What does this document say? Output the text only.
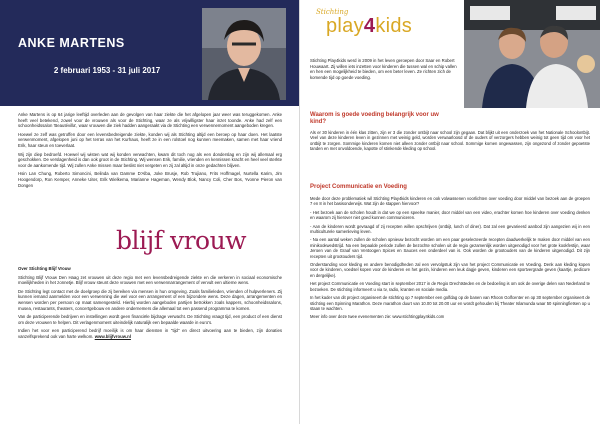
ANKE MARTENS
2 februari 1953 - 31 juli 2017

Anke Martens is op 64 jarige leeftijd overleden aan de gevolgen van haar ziekte die het afgelopen jaar weer was teruggekomen. Anke heeft veel betekend, zowel voor de vrouwen als voor de Stichting, waar ze als vrijwilligster haar inzet toonde. Anke had zelf een schoonheidssalon 'Beautévilla', waar vrouwen die ziek hadden aangeraakt via de Stichting een verwennemoment aangeboden kregen.

Hoewel ze zelf was getroffen door een levensbedreigende ziekte, konden wij als Stichting altijd een beroep op haar doen. Het laatste verwenmoment, afgelopen juni op het terras van het Kurhaus, heeft ze in een rolstoel nog kunnen meemaken, samen met haar vriend Erik, haar steun en toeverlaat.

Wij zijn diep bedroefd. Hoewel wij wisten wat wij konden verwachten, kwam dit toch nog als een donderslag en zijn wij allemaal erg geschokken. De verslagenheid is dan ook groot in de Stichting. Wij wensen Erik, familie, vrienden en kennissen kracht en heel veel sterkte voor de aankomende tijd. Wij zullen Anke missen maar beslist niet vergeten en zij zal altijd in onze gedachten blijven.

Hsin Lan Chung, Roberto Simoncini, Belinda van Damme D'Alba, Joke Brusje, Rob Trujiano, Frits Hoffmagel, Nurtella Karim, Jim Hoogendorp, Ron Kemper, Anneke Uiter, Erik Wielkema, Marianne Hageman, Wendy Blok, Nancy Coli, Cher Bos, Yvonne Pieron van Dongen

blijf vrouw

Over Stichting Blijf Vrouw

Stichting Blijf Vrouw Den Haag zet vrouwen uit deze regio met een levensbedreigende ziekte en die verkeren in sociaal economische moeilijkheden in het zonnetje. Blijf vrouw steunt deze vrouwen met een verwennarrangement of vervult een ultieme wens.

De Stichting legt contact met de doelgroep die zij bereiken via mensen in hun omgeving. Zoals familieleden, vrienden of hulpverleners. Zij kunnen iemand aanmelden voor een verwenning die wel voor een arrangement of een bijzondere wens. Deze dagen, arrangementen en wensen worden per persoon op maat samengesteld. Hierbij worden aangeboden partijen betrokken zoals kappers, schoonheidssalons, musea, restaurants, theaters, concertgebouw en andere ondernemers die allemaal tot een passend programma te komen.

Van de participerende bedrijven en instellingen wordt geen financiële bijdrage verwacht. De Stichting vraagt tijd, een product of een dienst om deze vrouwen te helpen. Dit verlagenmoment uiteindelijk naturalijk een bepaalde waarde in euro's.

Indien het voor een participerend bedrijf moeilijk is om haar diensten in "tijd" en direct uitvoering aan te bieden, zijn donaties vanzelfsprekend ook van harte welkom. www.blijfvrouw.nl

Stichting
play4kids

Stichting Play4kids werd in 2009 in het leven geroepen door Saar en Robert Houwaart. Zij willen iets inzetten voor kinderen die tussen wal en schip vallen en hen een mogelijkheid te bieden, om een beter leven. Ze richten zich de komende tijd op goede voeding.

Waarom is goede voeding belangrijk voor uw kind?

Als er 30 kinderen in één klas zitten, zijn er 3 die zonder ontbijt naar school zijn gegaan. Dat blijkt uit een onderzoek van het Nationale Schoolontbijt. Veel van deze kinderen leven in gezinnen met weinig geld, worden verwaarloosd of de ouders of verzorgers hebben weinig tot geen tijd om voor het ontbijt te zorgen. Sommige kinderen komen niet alleen zonder ontbijt naar school. Sommige komen ongewassen, zijn ongezond of zonder gepoetste tanden en met onvoldoende, kapotte of stinkende kleding op school.

Project Communicatie en Voeding

Mede door deze problematiek wil Stichting Play4kids kinderen en ook volwassenen voorlichten over voeding door middel van bezoek aan de groepen 7 en 8 in het basisonderwijs. Wat zijn de stappen hiervoor?

- Het bezoek aan de scholen houdt in dat we op een speelse manier, door middel van een video, erachter komen hoe kinderen over voeding denken en waarom zij hierover niet goed kunnen communiceren.

- Aan de kinderen wordt gevraagd of zij recepten willen opschrijven (ontbijt, lunch of diner). Dat zal een gevarieerd aanbod zijn aangezien wij in een multiculturele samenleving leven.

- Na een aantal weken zullen de scholen opnieuw bezocht worden om een paar geselecteerde recepten daadwerkelijk te maken door middel van een minikookwedstrijd. Na een bepaalde periode zullen de bezochte scholen uit de regio gezamenlijk worden uitgenodigd voor het grote kookfestijn, waar Jeroen van de Graaf van Ventoogen Spices en Sauces een onderdeel van is. Ook worden de grootouders van de kinderen uitgenodigd. Dit zijn recepten uit grootouders tijd.

Onderstanding voor kleding en andere benodigdheden zal een vervolgstuk zijn van het project Communicatie en Voeding. Denk aan kleding kopen voor de kinderen, voedsel kopen voor de kinderen en het gezin, kinderen een leuk dagje geven, kinderen een sportvergrade geven (kaartje, pedicure en dergelijke).

Het project Communicatie en Voeding start in september 2017 in de Regio Drechtsteden en de bedoeling is om ook de overige delen van Nederland te bezoeken. De stichting informeert u via tv, radio, kranten en sociale media.

In het kader van dit project organiseert de stichting op 7 september een golfdag op de banen van Rhoon Golfcenter en op 30 september organiseert de stichting een Spinning Marathon. Deze marathon duurt van 10.00 tot 20.00 uur en wordt gehouden bij Theater Islamunda waar 50 spinningfietsen op u staan te wachten.

Meer info over deze twee evenementen zie: www.stichtingplay4kids.com
